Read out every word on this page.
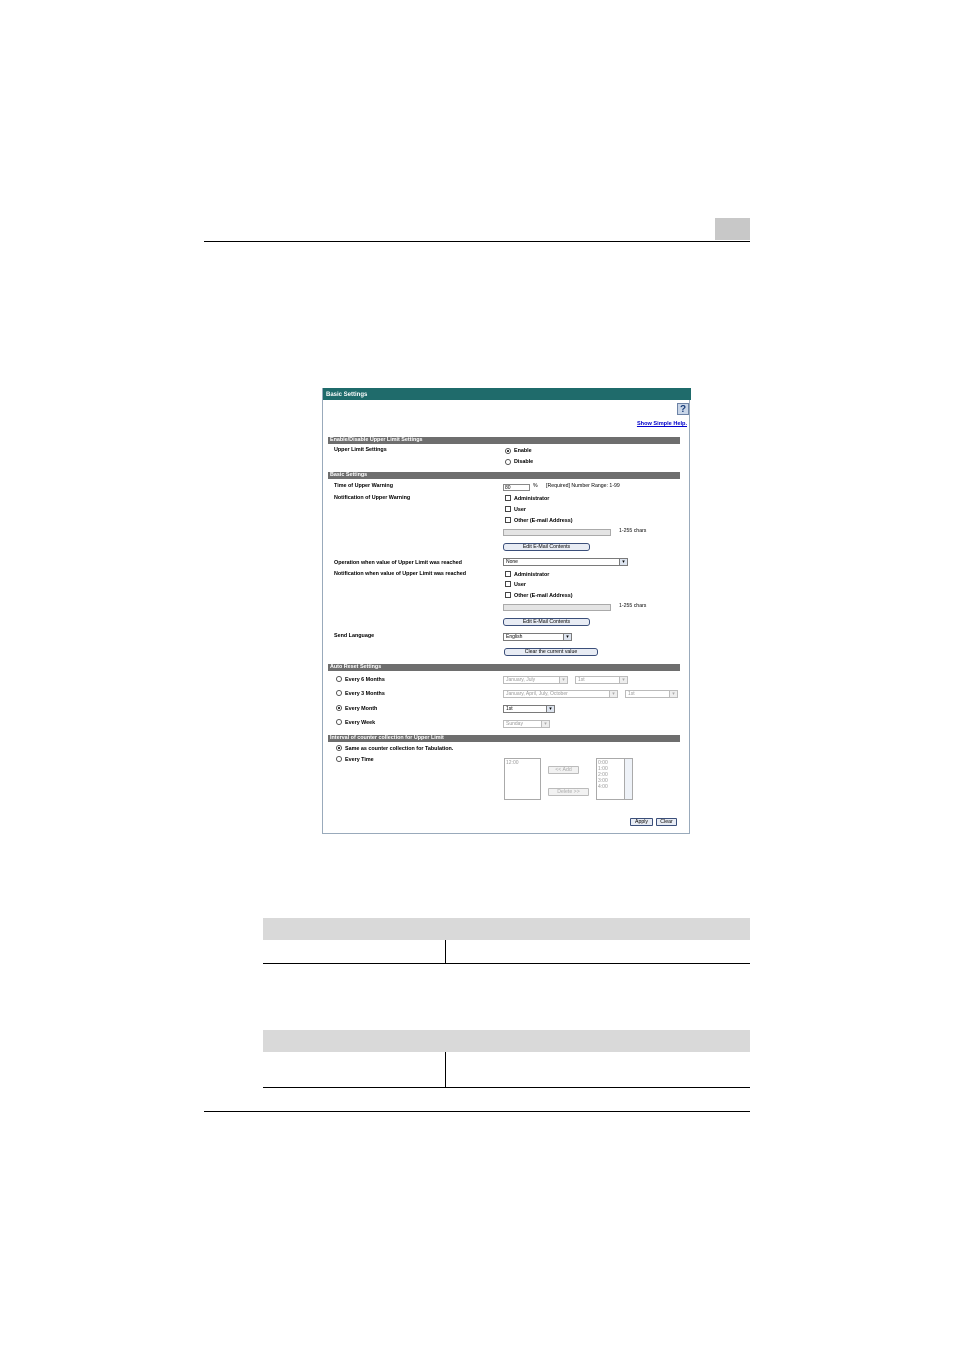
Basic Settings
?
Show Simple Help.
Enable/Disable Upper Limit Settings
Upper Limit Settings	Enable
Disable
Basic Settings
Time of Upper Warning	80	% [Required] Number Range: 1-99
Notification of Upper Warning	Administrator
User
Other (E-mail Address)
1-255 chars
Edit E-Mail Contents
Operation when value of Upper Limit was reached	None	▾
Notification when value of Upper Limit was reached	Administrator
User
Other (E-mail Address)
1-255 chars
Edit E-Mail Contents
Send Language	English	▾
Clear the current value
Auto Reset Settings
Every 6 Months	January, July	▾	1st	▾
Every 3 Months	January, April, July, October	▾	1st	▾
Every Month	1st	▾
Every Week	Sunday	▾
Interval of counter collection for Upper Limit
Same as counter collection for Tabulation.
Every Time	12:00
<< Add
Delete >>
0:00
1:00
2:00
3:00
4:00
Apply	Clear
